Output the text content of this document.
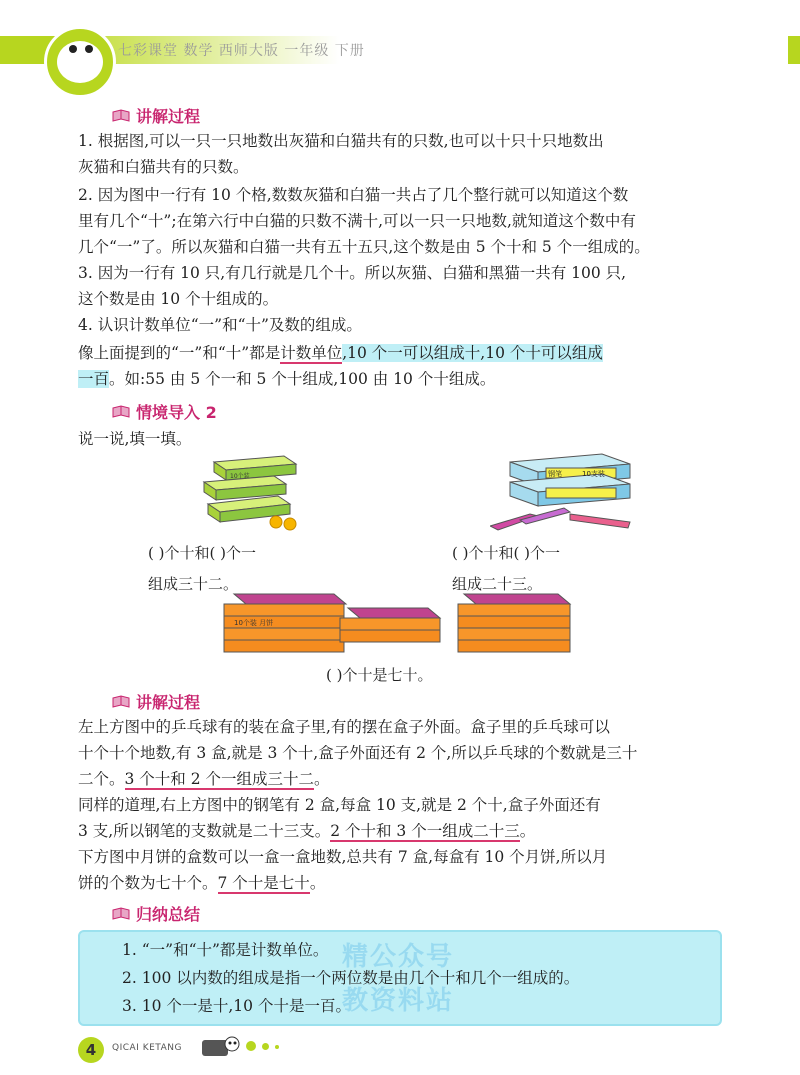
七彩课堂 数学 西师大版 一年级 下册
讲解过程
1. 根据图,可以一只一只地数出灰猫和白猫共有的只数,也可以十只十只地数出
灰猫和白猫共有的只数。
2. 因为图中一行有 10 个格,数数灰猫和白猫一共占了几个整行就可以知道这个数
里有几个“十”;在第六行中白猫的只数不满十,可以一只一只地数,就知道这个数中有
几个“一”了。所以灰猫和白猫一共有五十五只,这个数是由 5 个十和 5 个一组成的。
3. 因为一行有 10 只,有几行就是几个十。所以灰猫、白猫和黑猫一共有 100 只,
这个数是由 10 个十组成的。
4. 认识计数单位“一”和“十”及数的组成。
像上面提到的“一”和“十”都是计数单位,10 个一可以组成十,10 个十可以组成
一百。如:55 由 5 个一和 5 个十组成,100 由 10 个十组成。
情境导入 2
说一说,填一填。
10个装	钢笔	10支装
( )个十和( )个一
组成三十二。
( )个十和( )个一
组成二十三。
10个装 月饼
( )个十是七十。
讲解过程
左上方图中的乒乓球有的装在盒子里,有的摆在盒子外面。盒子里的乒乓球可以
十个十个地数,有 3 盒,就是 3 个十,盒子外面还有 2 个,所以乒乓球的个数就是三十
二个。3 个十和 2 个一组成三十二。
同样的道理,右上方图中的钢笔有 2 盒,每盒 10 支,就是 2 个十,盒子外面还有
3 支,所以钢笔的支数就是二十三支。2 个十和 3 个一组成二十三。
下方图中月饼的盒数可以一盒一盒地数,总共有 7 盒,每盒有 10 个月饼,所以月
饼的个数为七十个。7 个十是七十。
归纳总结
精公众号
教资料站
1. “一”和“十”都是计数单位。
2. 100 以内数的组成是指一个两位数是由几个十和几个一组成的。
3. 10 个一是十,10 个十是一百。
4	QICAI KETANG
